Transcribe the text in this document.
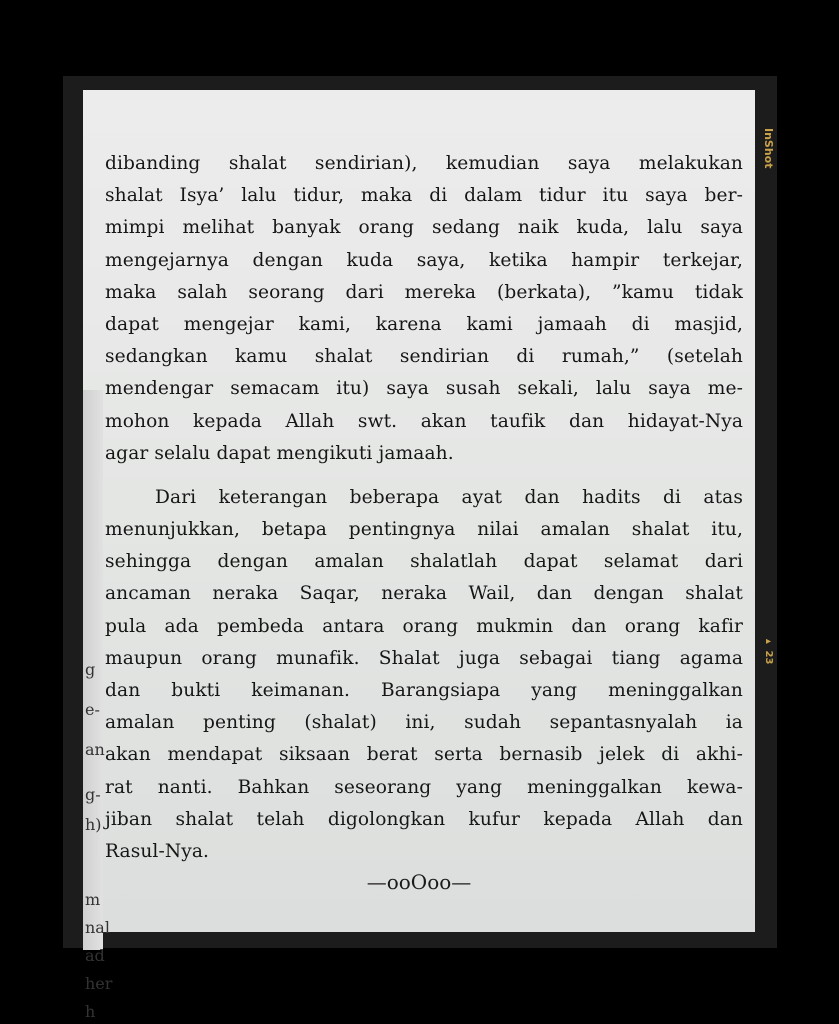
g
e-
an
g-
h)
m
nal
ad
her
h
dibanding shalat sendirian), kemudian saya melakukan
shalat Isya’ lalu tidur, maka di dalam tidur itu saya ber-
mimpi melihat banyak orang sedang naik kuda, lalu saya
mengejarnya dengan kuda saya, ketika hampir terkejar,
maka salah seorang dari mereka (berkata), ”kamu tidak
dapat mengejar kami, karena kami jamaah di masjid,
sedangkan kamu shalat sendirian di rumah,” (setelah
mendengar semacam itu) saya susah sekali, lalu saya me-
mohon kepada Allah swt. akan taufik dan hidayat-Nya
agar selalu dapat mengikuti jamaah.
Dari keterangan beberapa ayat dan hadits di atas
menunjukkan, betapa pentingnya nilai amalan shalat itu,
sehingga dengan amalan shalatlah dapat selamat dari
ancaman neraka Saqar, neraka Wail, dan dengan shalat
pula ada pembeda antara orang mukmin dan orang kafir
maupun orang munafik. Shalat juga sebagai tiang agama
dan bukti keimanan. Barangsiapa yang meninggalkan
amalan penting (shalat) ini, sudah sepantasnyalah ia
akan mendapat siksaan berat serta bernasib jelek di akhi-
rat nanti. Bahkan seseorang yang meninggalkan kewa-
jiban shalat telah digolongkan kufur kepada Allah dan
Rasul-Nya.
—ooOoo—
InShot
▸ 23
